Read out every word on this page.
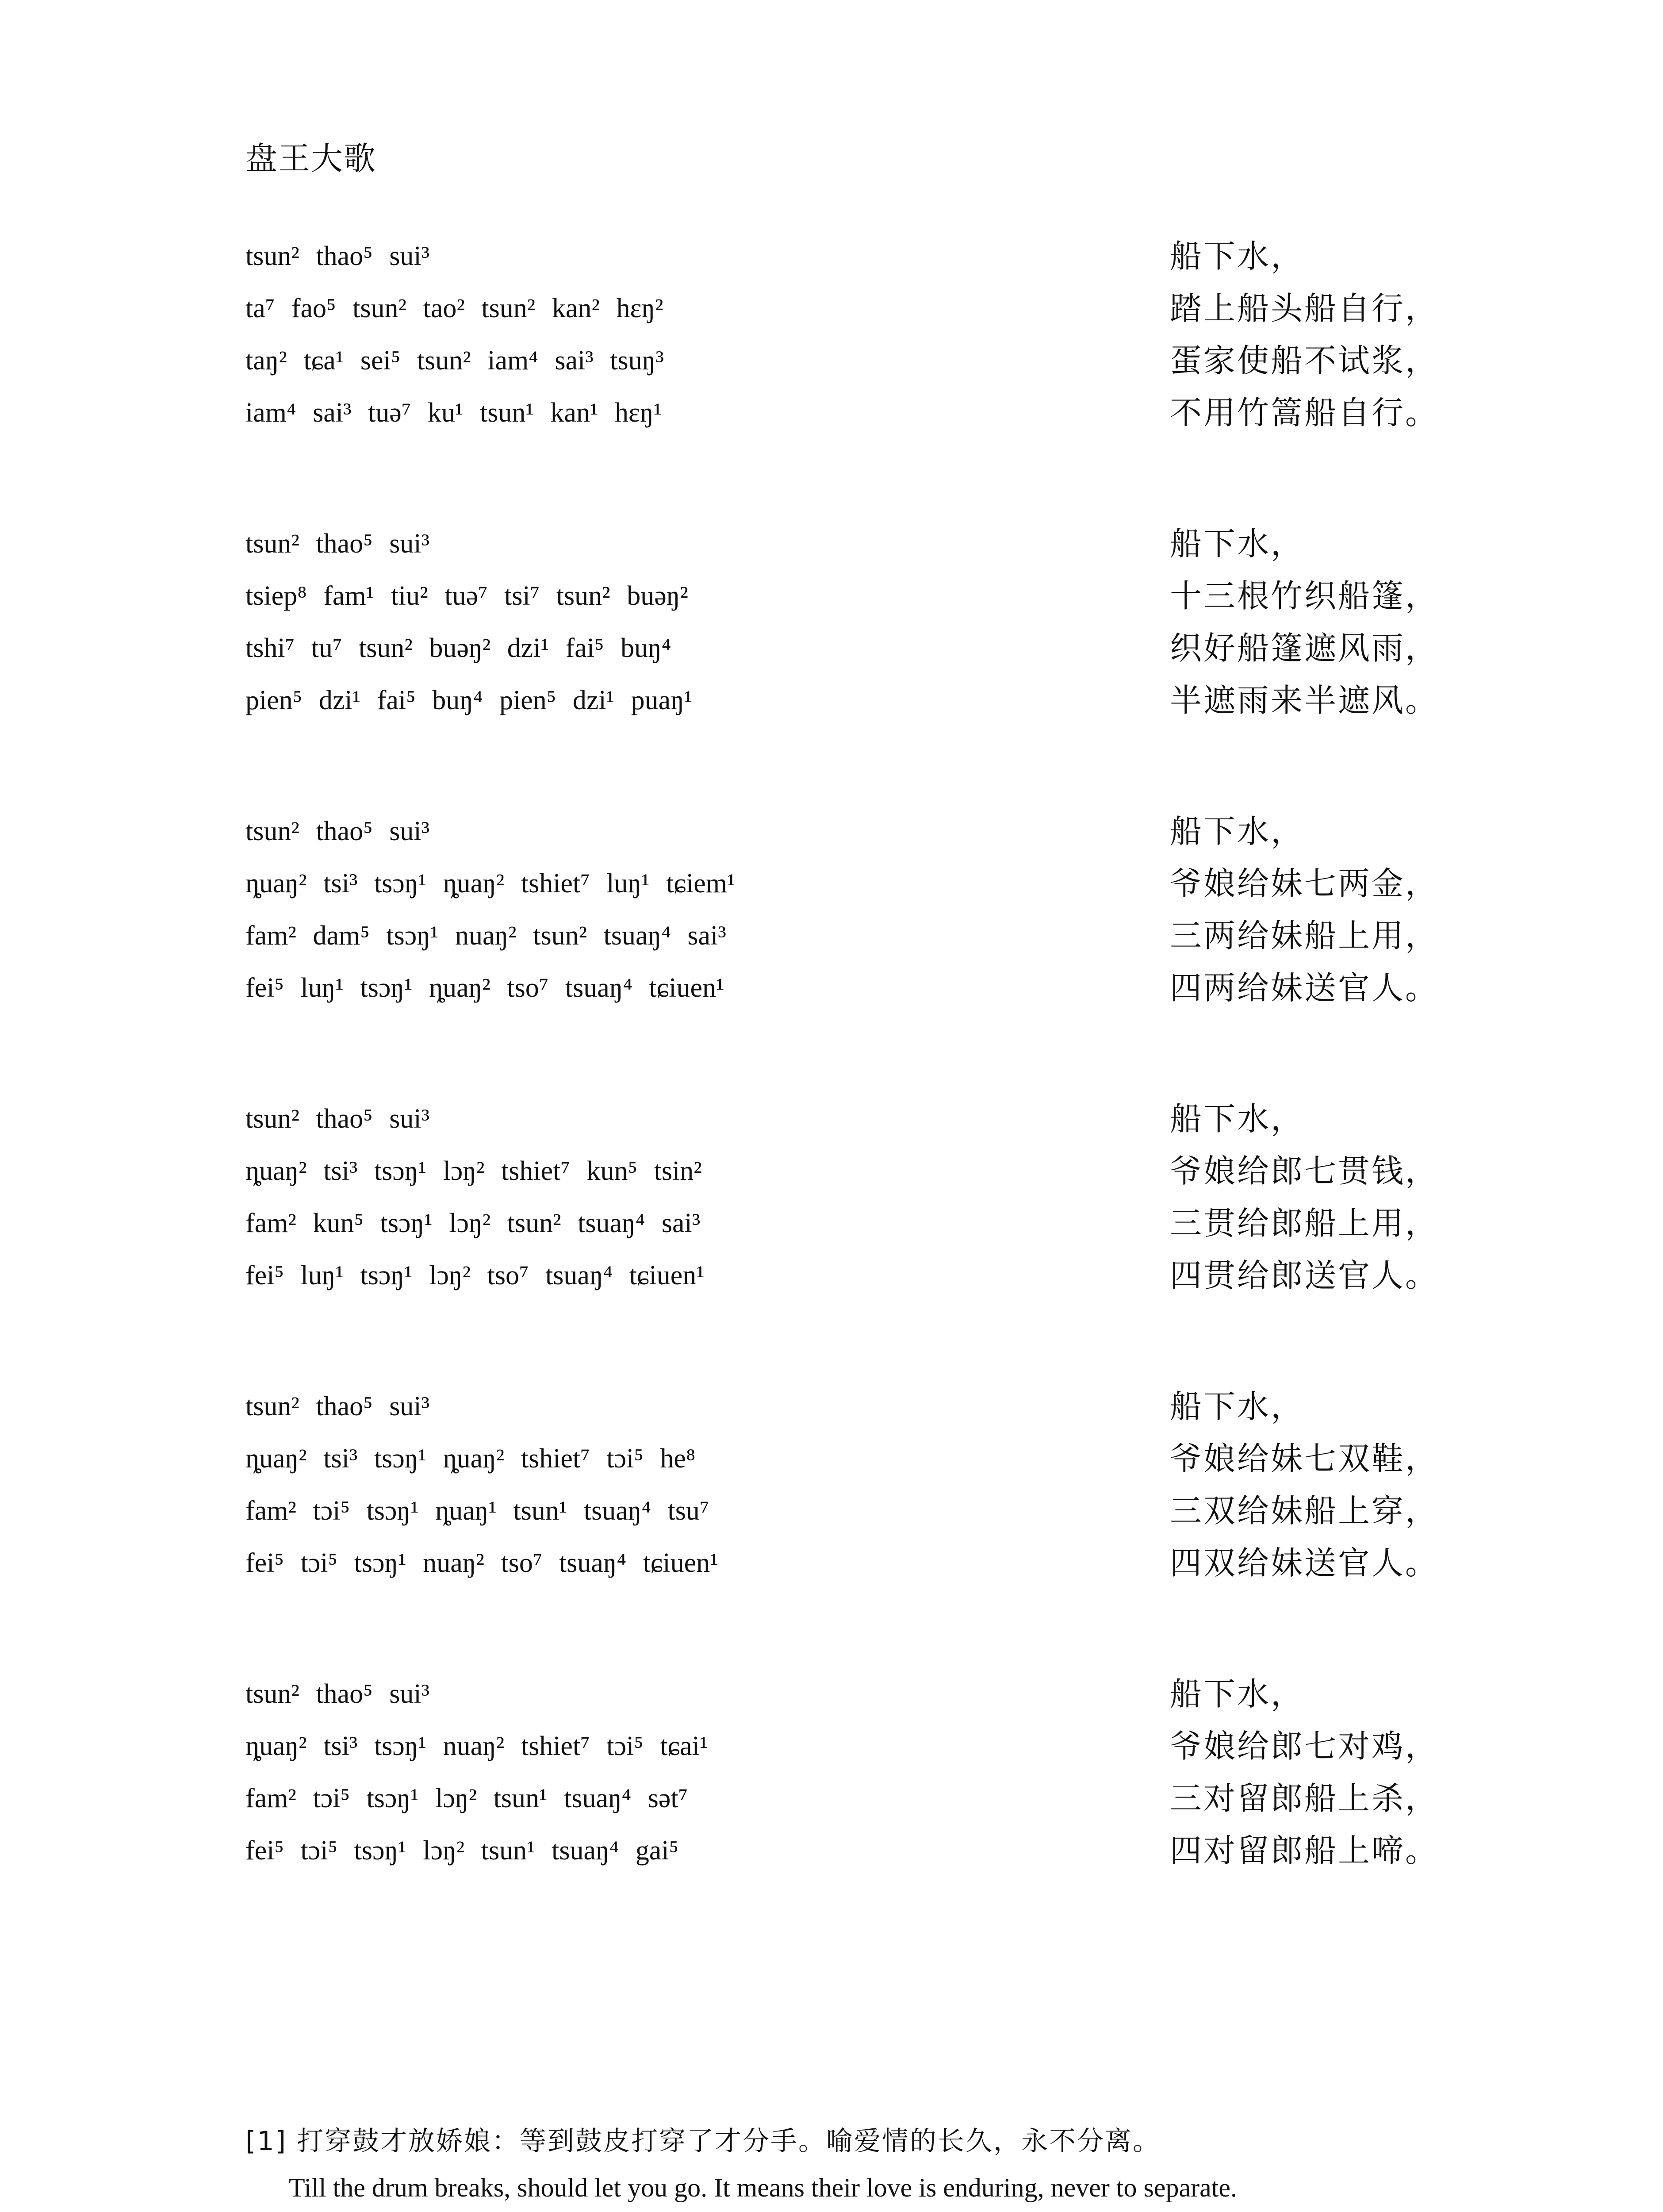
盘王大歌
tsun² thao⁵ sui³	船下水，
ta⁷ fao⁵ tsun² tao² tsun² kan² hɛŋ²	踏上船头船自行，
taŋ² tɕa¹ sei⁵ tsun² iam⁴ sai³ tsuŋ³	蛋家使船不试浆，
iam⁴ sai³ tuə⁷ ku¹ tsun¹ kan¹ hɛŋ¹	不用竹篙船自行。
tsun² thao⁵ sui³	船下水，
tsiep⁸ fam¹ tiu² tuə⁷ tsi⁷ tsun² buəŋ²	十三根竹织船篷，
tshi⁷ tu⁷ tsun² buəŋ² dzi¹ fai⁵ buŋ⁴	织好船篷遮风雨，
pien⁵ dzi¹ fai⁵ buŋ⁴ pien⁵ dzi¹ puaŋ¹	半遮雨来半遮风。
tsun² thao⁵ sui³	船下水，
ȵuaŋ² tsi³ tsɔŋ¹ ȵuaŋ² tshiet⁷ luŋ¹ tɕiem¹	爷娘给妹七两金，
fam² dam⁵ tsɔŋ¹ nuaŋ² tsun² tsuaŋ⁴ sai³	三两给妹船上用，
fei⁵ luŋ¹ tsɔŋ¹ ȵuaŋ² tso⁷ tsuaŋ⁴ tɕiuen¹	四两给妹送官人。
tsun² thao⁵ sui³	船下水，
ȵuaŋ² tsi³ tsɔŋ¹ lɔŋ² tshiet⁷ kun⁵ tsin²	爷娘给郎七贯钱，
fam² kun⁵ tsɔŋ¹ lɔŋ² tsun² tsuaŋ⁴ sai³	三贯给郎船上用，
fei⁵ luŋ¹ tsɔŋ¹ lɔŋ² tso⁷ tsuaŋ⁴ tɕiuen¹	四贯给郎送官人。
tsun² thao⁵ sui³	船下水，
ȵuaŋ² tsi³ tsɔŋ¹ ȵuaŋ² tshiet⁷ tɔi⁵ he⁸	爷娘给妹七双鞋，
fam² tɔi⁵ tsɔŋ¹ ȵuaŋ¹ tsun¹ tsuaŋ⁴ tsu⁷	三双给妹船上穿，
fei⁵ tɔi⁵ tsɔŋ¹ nuaŋ² tso⁷ tsuaŋ⁴ tɕiuen¹	四双给妹送官人。
tsun² thao⁵ sui³	船下水，
ȵuaŋ² tsi³ tsɔŋ¹ nuaŋ² tshiet⁷ tɔi⁵ tɕai¹	爷娘给郎七对鸡，
fam² tɔi⁵ tsɔŋ¹ lɔŋ² tsun¹ tsuaŋ⁴ sət⁷	三对留郎船上杀，
fei⁵ tɔi⁵ tsɔŋ¹ lɔŋ² tsun¹ tsuaŋ⁴ gai⁵	四对留郎船上啼。
[1] 打穿鼓才放娇娘：等到鼓皮打穿了才分手。喻爱情的长久，永不分离。
Till the drum breaks, should let you go. It means their love is enduring, never to separate.
